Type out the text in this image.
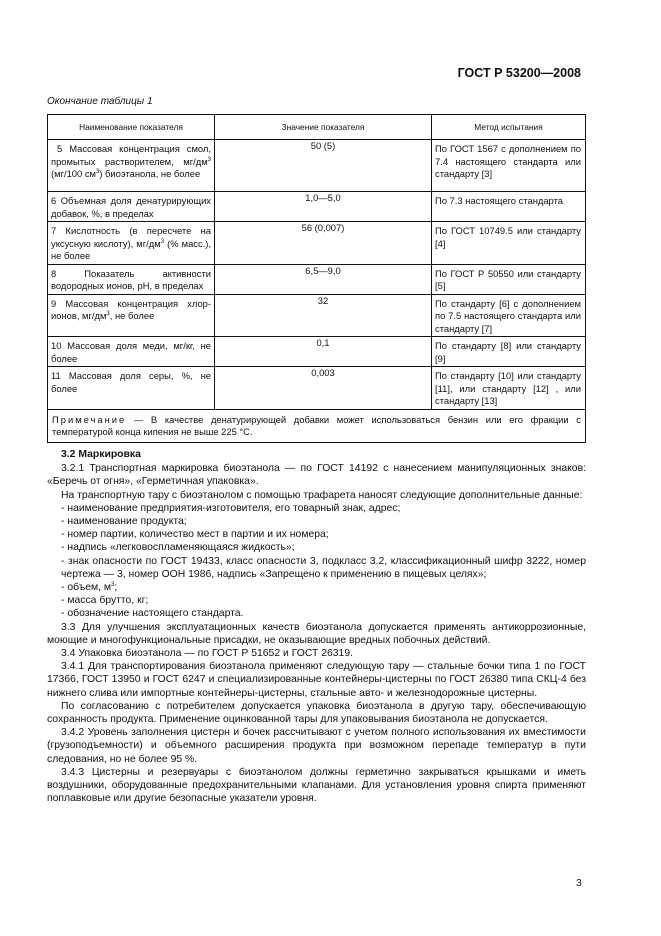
ГОСТ Р 53200—2008
Окончание таблицы 1
Наименование показателя	Значение показателя	Метод испытания
5 Массовая концентрация смол, промытых растворителем, $мг/дм^3$ (мг/100 $см^3$) биоэтанола, не более	50 (5)	По ГОСТ 1567 с дополнением по 7.4 настоящего стандарта или стандарту [3]
6 Объемная доля денатурирующих добавок, %, в пределах	1,0—5,0	По 7.3 настоящего стандарта
7 Кислотность (в пересчете на уксусную кислоту), $мг/дм^3$ (% масс.), не более	56 (0,007)	По ГОСТ 10749.5 или стандарту [4]
8 Показатель активности водородных ионов, pH, в пределах	6,5—9,0	По ГОСТ Р 50550 или стандарту [5]
9 Массовая концентрация хлор-ионов, $мг/дм^3$, не более	32	По стандарту [6] с дополнением по 7.5 настоящего стандарта или стандарту [7]
10 Массовая доля меди, мг/кг, не более	0,1	По стандарту [8] или стандарту [9]
11 Массовая доля серы, %, не более	0,003	По стандарту [10] или стандарту [11], или стандарту [12] , или стандарту [13]
Примечание — В качестве денатурирующей добавки может использоваться бензин или его фракции с температурой конца кипения не выше 225 °С.		

3.2 Маркировка

3.2.1 Транспортная маркировка биоэтанола — по ГОСТ 14192 с нанесением манипуляционных знаков: «Беречь от огня», «Герметичная упаковка».

На транспортную тару с биоэтанолом с помощью трафарета наносят следующие дополнительные данные:

- наименование предприятия-изготовителя, его товарный знак, адрес;

- наименование продукта;

- номер партии, количество мест в партии и их номера;

- надпись «легковоспламеняющаяся жидкость»;

- знак опасности по ГОСТ 19433, класс опасности 3, подкласс 3.2, классификационный шифр 3222, номер чертежа — 3, номер ООН 1986, надпись «Запрещено к применению в пищевых целях»;

- объем, $м^3$;

- масса брутто, кг;

- обозначение настоящего стандарта.

3.3 Для улучшения эксплуатационных качеств биоэтанола допускается применять антикоррозионные, моющие и многофункциональные присадки, не оказывающие вредных побочных действий.

3.4 Упаковка биоэтанола — по ГОСТ Р 51652 и ГОСТ 26319.

3.4.1 Для транспортирования биоэтанола применяют следующую тару — стальные бочки типа 1 по ГОСТ 17366, ГОСТ 13950 и ГОСТ 6247 и специализированные контейнеры-цистерны по ГОСТ 26380 типа СКЦ-4 без нижнего слива или импортные контейнеры-цистерны, стальные авто- и железнодорожные цистерны.

По согласованию с потребителем допускается упаковка биоэтанола в другую тару, обеспечивающую сохранность продукта. Применение оцинкованной тары для упаковывания биоэтанола не допускается.

3.4.2 Уровень заполнения цистерн и бочек рассчитывают с учетом полного использования их вместимости (грузоподъемности) и объемного расширения продукта при возможном перепаде температур в пути следования, но не более 95 %.

3.4.3 Цистерны и резервуары с биоэтанолом должны герметично закрываться крышками и иметь воздушники, оборудованные предохранительными клапанами. Для установления уровня спирта применяют поплавковые или другие безопасные указатели уровня.

3
